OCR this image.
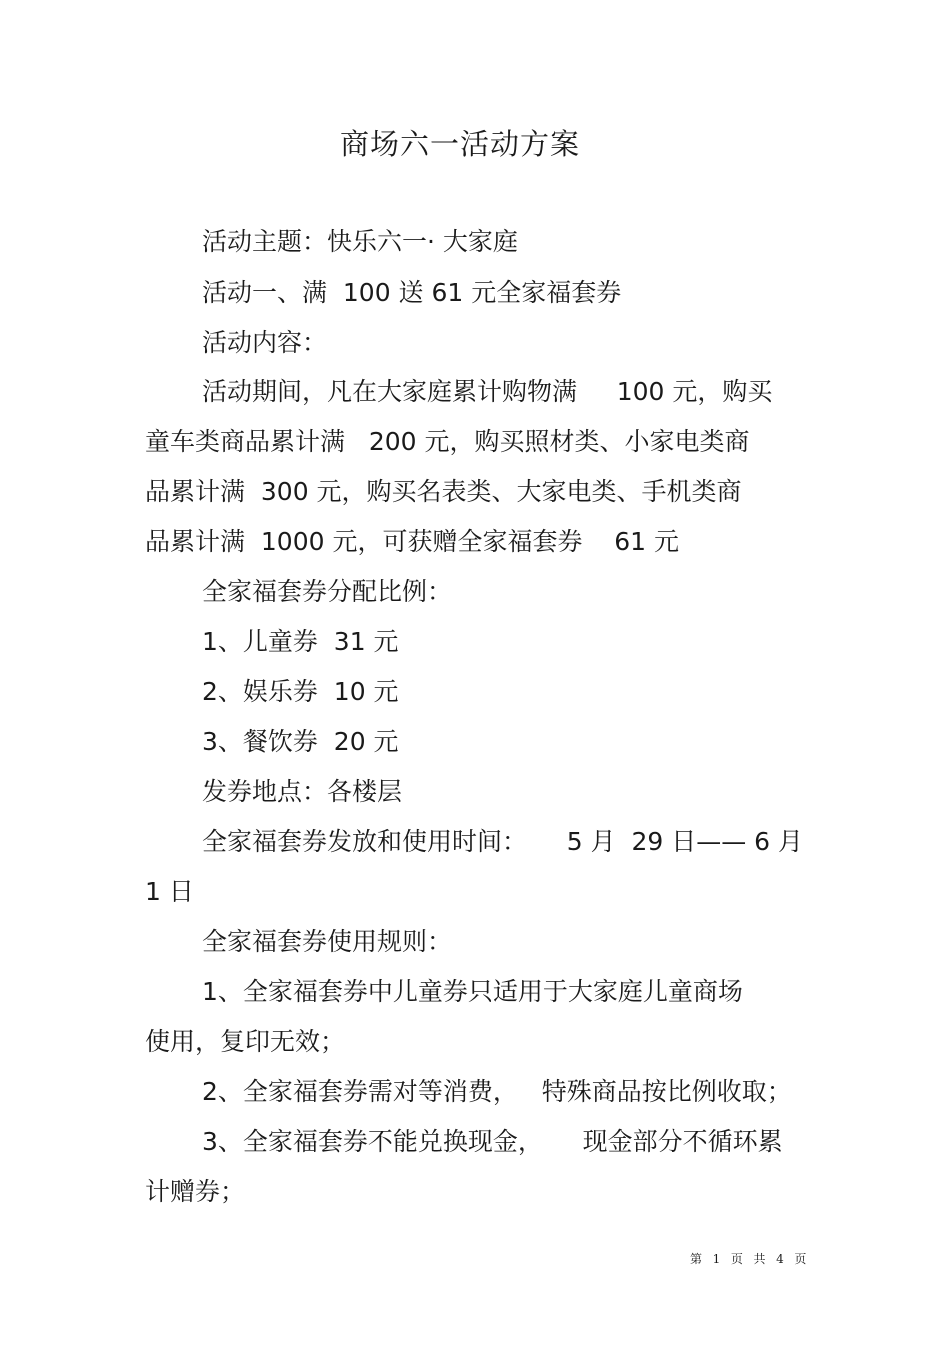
商场六一活动方案
活动主题：快乐六一· 大家庭
活动一、满  100 送 61 元全家福套券
活动内容：
活动期间，凡在大家庭累计购物满     100 元，购买
童车类商品累计满   200 元，购买照材类、小家电类商
品累计满  300 元，购买名表类、大家电类、手机类商
品累计满  1000 元，可获赠全家福套券    61 元
全家福套券分配比例：
1、儿童券  31 元
2、娱乐券  10 元
3、餐饮券  20 元
发券地点：各楼层
全家福套券发放和使用时间：     5 月  29 日—— 6 月
1 日
全家福套券使用规则：
1、全家福套券中儿童券只适用于大家庭儿童商场
使用，复印无效；
2、全家福套券需对等消费，   特殊商品按比例收取；
3、全家福套券不能兑换现金，     现金部分不循环累
计赠券；
第  1  页  共  4  页
